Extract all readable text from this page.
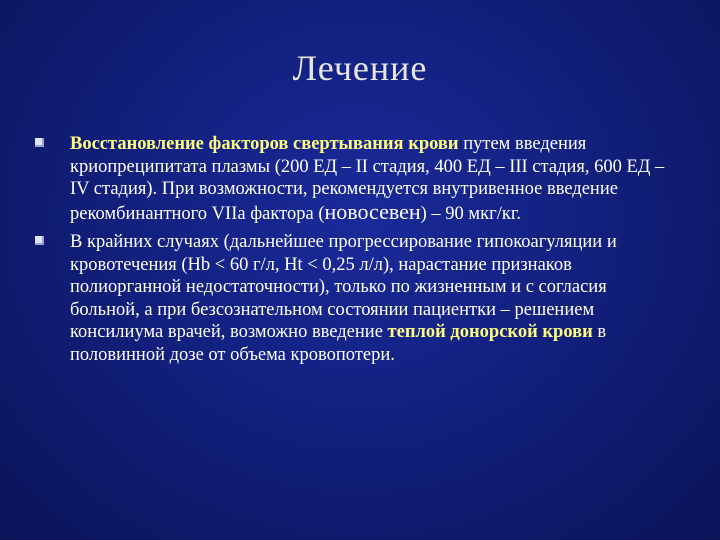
Лечение
Восстановление факторов свертывания крови путем введения криопреципитата плазмы (200 ЕД – II стадия, 400 ЕД – III стадия, 600 ЕД – IV стадия). При возможности, рекомендуется внутривенное введение рекомбинантного VIIa фактора (новосевен) – 90 мкг/кг.
В крайних случаях (дальнейшее прогрессирование гипокоагуляции и кровотечения (Hb < 60 г/л, Ht < 0,25 л/л), нарастание признаков полиорганной недостаточности), только по жизненным и с согласия больной, а при безсознательном состоянии пациентки – решением консилиума врачей, возможно введение теплой донорской крови в половинной дозе от объема кровопотери.
